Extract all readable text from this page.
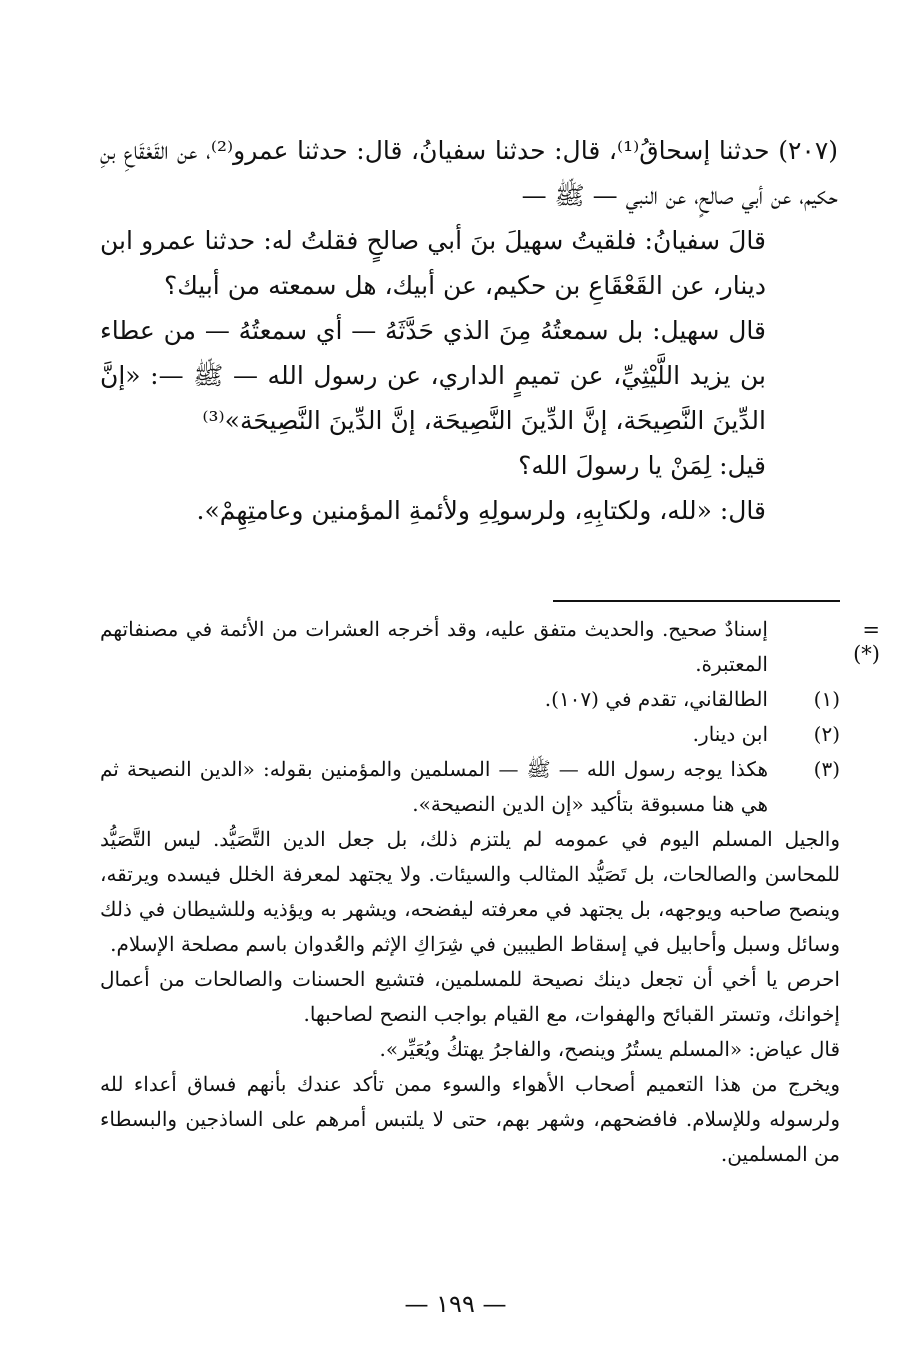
(٢٠٧) حدثنا إسحاقُ⁽¹⁾، قال: حدثنا سفيانُ، قال: حدثنا عمرو⁽²⁾، عن القَعْقَاعِ بنِ حكيم، عن أبي صالحٍ، عن النبي — ﷺ —

قالَ سفيانُ: فلقيتُ سهيلَ بنَ أبي صالحٍ فقلتُ له: حدثنا عمرو ابن دينار، عن القَعْقَاعِ بن حكيم، عن أبيك، هل سمعته من أبيك؟

قال سهيل: بل سمعتُهُ مِنَ الذي حَدَّثَهُ — أي سمعتُهُ — من عطاء بن يزيد اللَّيْثِيِّ، عن تميمٍ الداري، عن رسول الله — ﷺ —: «إنَّ الدِّينَ النَّصِيحَة، إنَّ الدِّينَ النَّصِيحَة، إنَّ الدِّينَ النَّصِيحَة»⁽³⁾

قيل: لِمَنْ يا رسولَ الله؟

قال: «لله، ولكتابِهِ، ولرسولِهِ ولأئمةِ المؤمنين وعامتِهِمْ».

= (*)
إسنادٌ صحيح. والحديث متفق عليه، وقد أخرجه العشرات من الأئمة في مصنفاتهم المعتبرة.
(١)
الطالقاني، تقدم في (١٠٧).
(٢)
ابن دينار.
(٣)
هكذا يوجه رسول الله — ﷺ — المسلمين والمؤمنين بقوله: «الدين النصيحة ثم هي هنا مسبوقة بتأكيد «إن الدين النصيحة».

والجيل المسلم اليوم في عمومه لم يلتزم ذلك، بل جعل الدين التَّصَيُّد. ليس التَّصَيُّد للمحاسن والصالحات، بل تَصَيُّد المثالب والسيئات. ولا يجتهد لمعرفة الخلل فيسده ويرتقه، وينصح صاحبه ويوجهه، بل يجتهد في معرفته ليفضحه، ويشهر به ويؤذيه وللشيطان في ذلك وسائل وسبل وأحابيل في إسقاط الطيبين في شِرَاكِ الإثم والعُدوان باسم مصلحة الإسلام.

احرص يا أخي أن تجعل دينك نصيحة للمسلمين، فتشيع الحسنات والصالحات من أعمال إخوانك، وتستر القبائح والهفوات، مع القيام بواجب النصح لصاحبها.

قال عياض: «المسلم يستُرُ وينصح، والفاجرُ يهتكُ ويُعَيِّر».

ويخرج من هذا التعميم أصحاب الأهواء والسوء ممن تأكد عندك بأنهم فساق أعداء لله ولرسوله وللإسلام. فافضحهم، وشهر بهم، حتى لا يلتبس أمرهم على الساذجين والبسطاء من المسلمين.

— ١٩٩ —
